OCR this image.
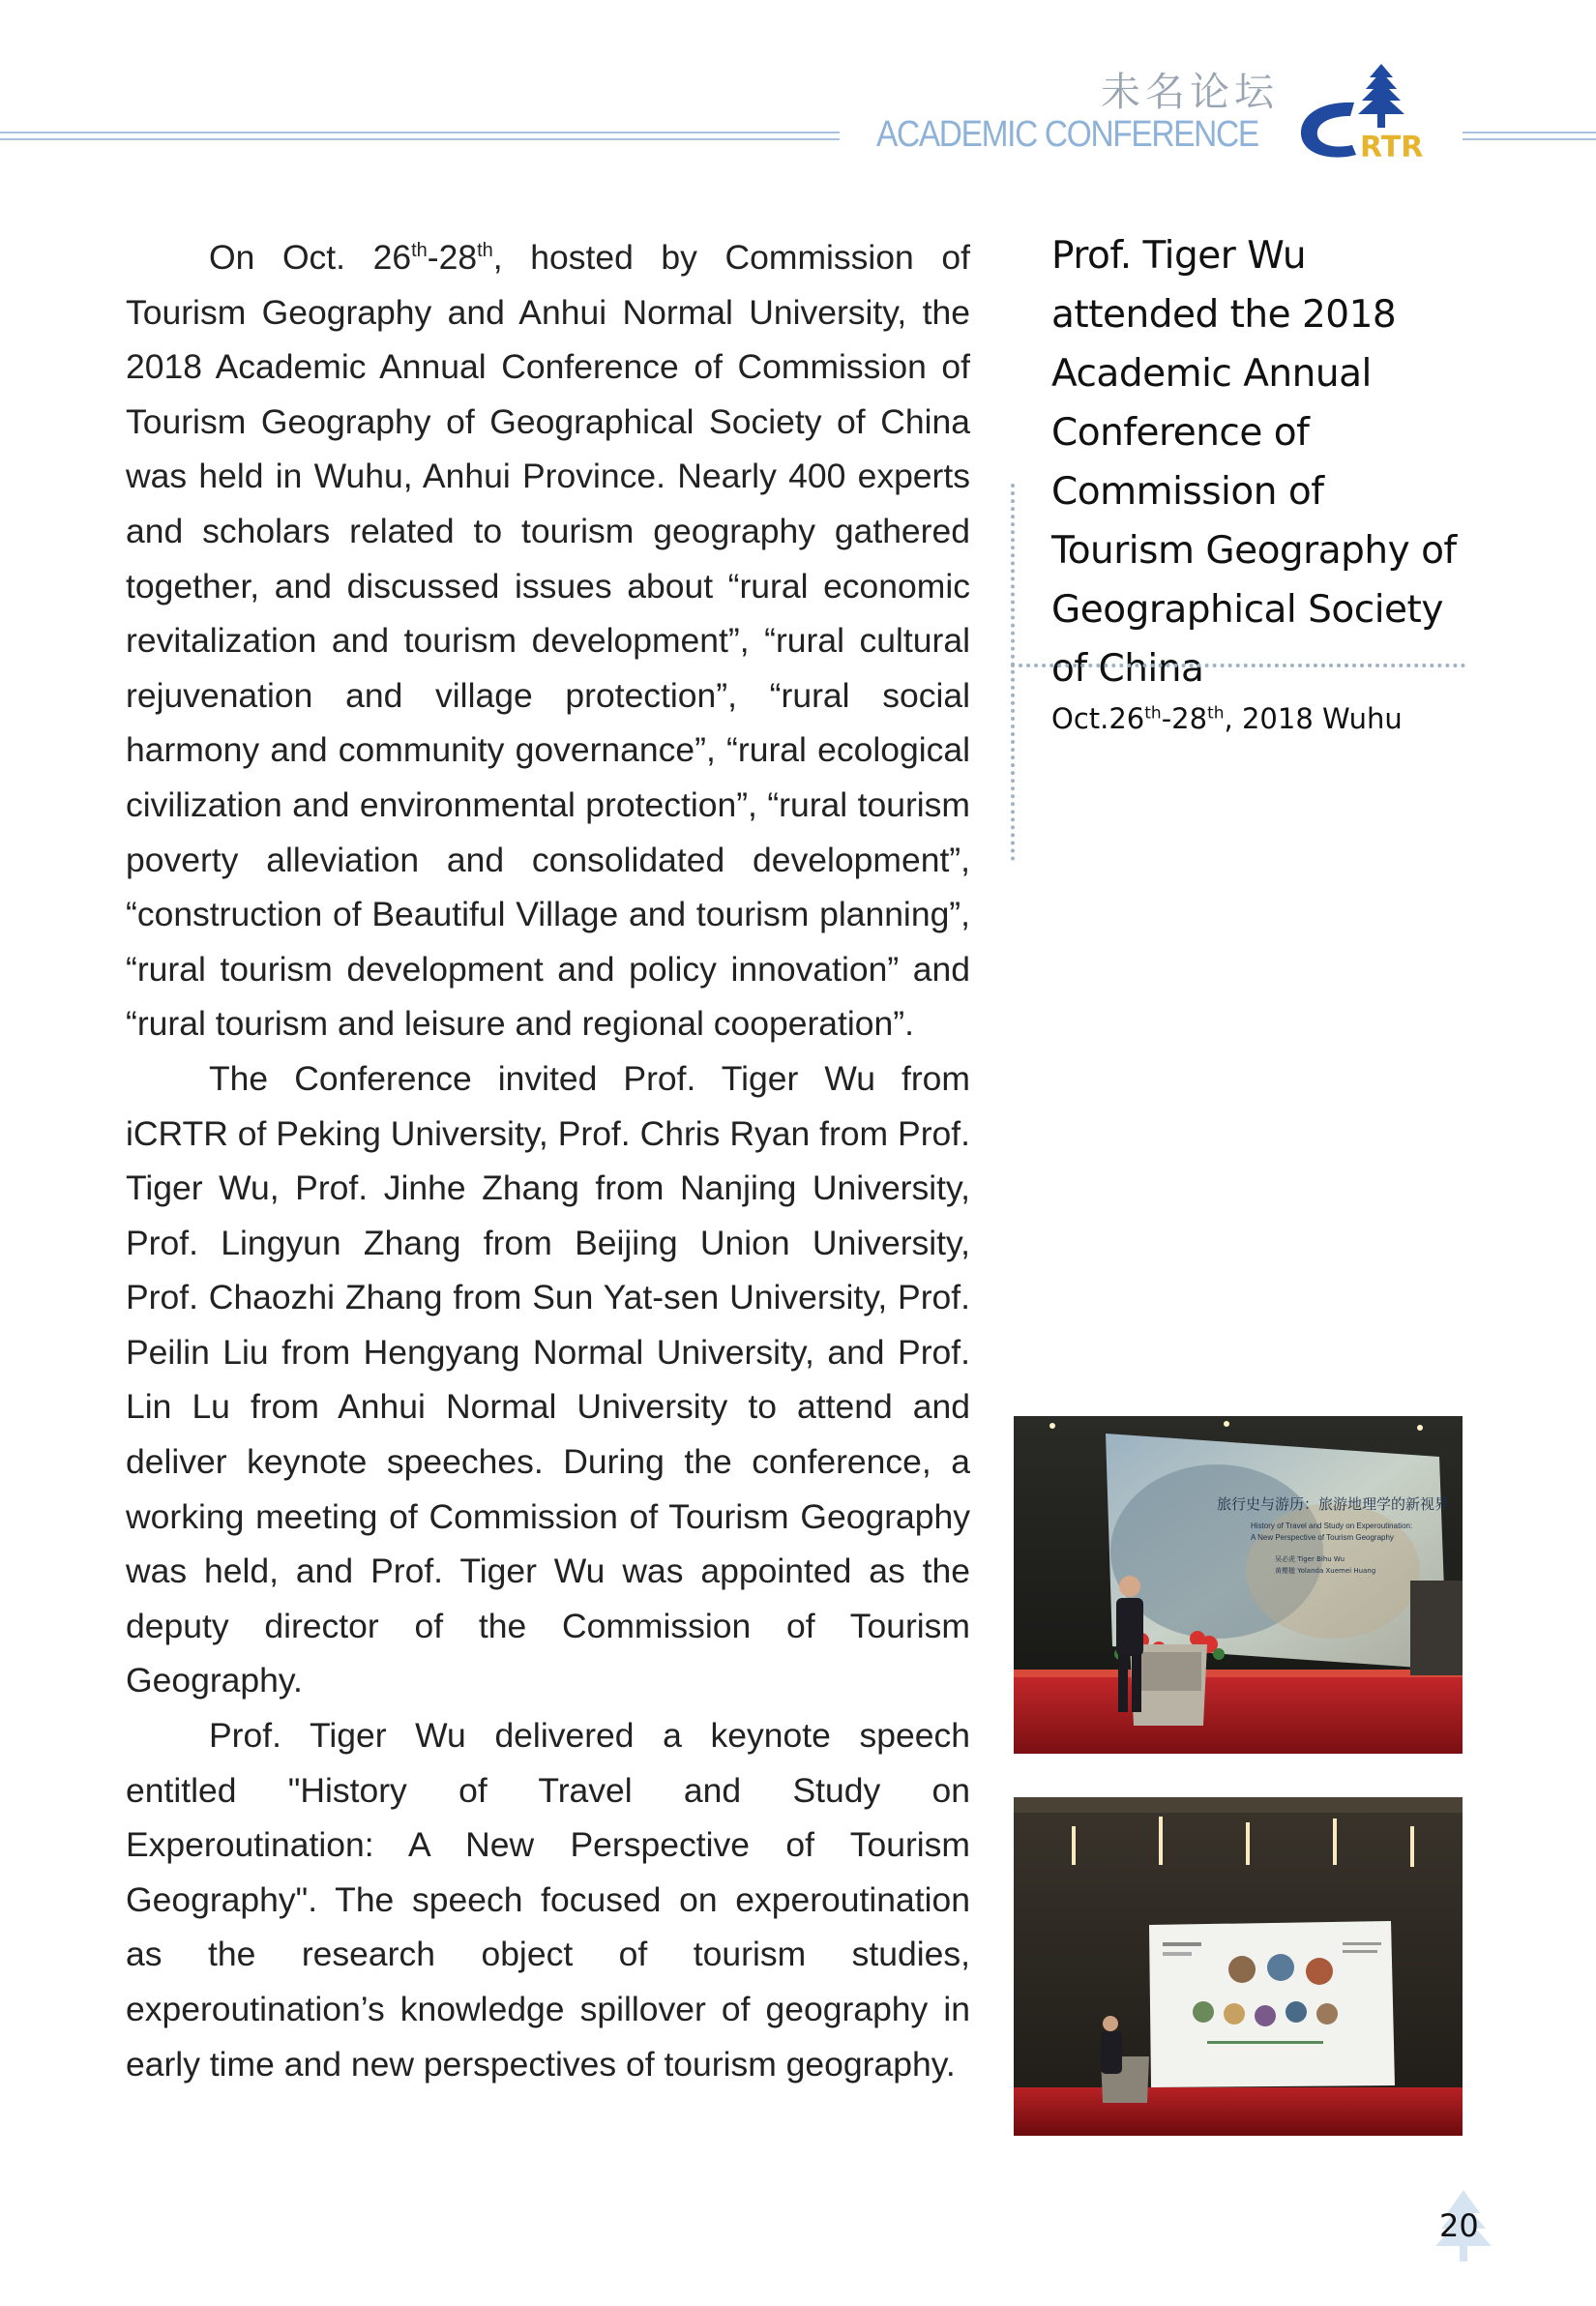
未名论坛
ACADEMIC CONFERENCE	RTR

On Oct. 26th-28th, hosted by Commission of Tourism Geography and Anhui Normal University, the 2018 Academic Annual Conference of Commission of Tourism Geography of Geographical Society of China was held in Wuhu, Anhui Province. Nearly 400 experts and scholars related to tourism geography gathered together, and discussed issues about “rural economic revitalization and tourism development”, “rural cultural rejuvenation and village protection”, “rural social harmony and community governance”, “rural ecological civilization and environmental protection”, “rural tourism poverty alleviation and consolidated development”, “construction of Beautiful Village and tourism planning”, “rural tourism development and policy innovation” and “rural tourism and leisure and regional cooperation”.

The Conference invited Prof. Tiger Wu from iCRTR of Peking University, Prof. Chris Ryan from Prof. Tiger Wu, Prof. Jinhe Zhang from Nanjing University, Prof. Lingyun Zhang from Beijing Union University, Prof. Chaozhi Zhang from Sun Yat-sen University, Prof. Peilin Liu from Hengyang Normal University, and Prof. Lin Lu from Anhui Normal University to attend and deliver keynote speeches. During the conference, a working meeting of Commission of Tourism Geography was held, and Prof. Tiger Wu was appointed as the deputy director of the Commission of Tourism Geography.

Prof. Tiger Wu delivered a keynote speech entitled "History of Travel and Study on Experoutination: A New Perspective of Tourism Geography". The speech focused on experoutination as the research object of tourism studies, experoutination’s knowledge spillover of geography in early time and new perspectives of tourism geography.

Prof. Tiger Wu attended the 2018 Academic Annual Conference of Commission of Tourism Geography of Geographical Society of China
Oct.26th-28th, 2018 Wuhu
旅行史与游历：旅游地理学的新视界
History of Travel and Study on Experoutination:
A New Perspective of Tourism Geography
吴必虎 Tiger Bihu Wu
黄樱楹 Yolanda Xuemei Huang
20
